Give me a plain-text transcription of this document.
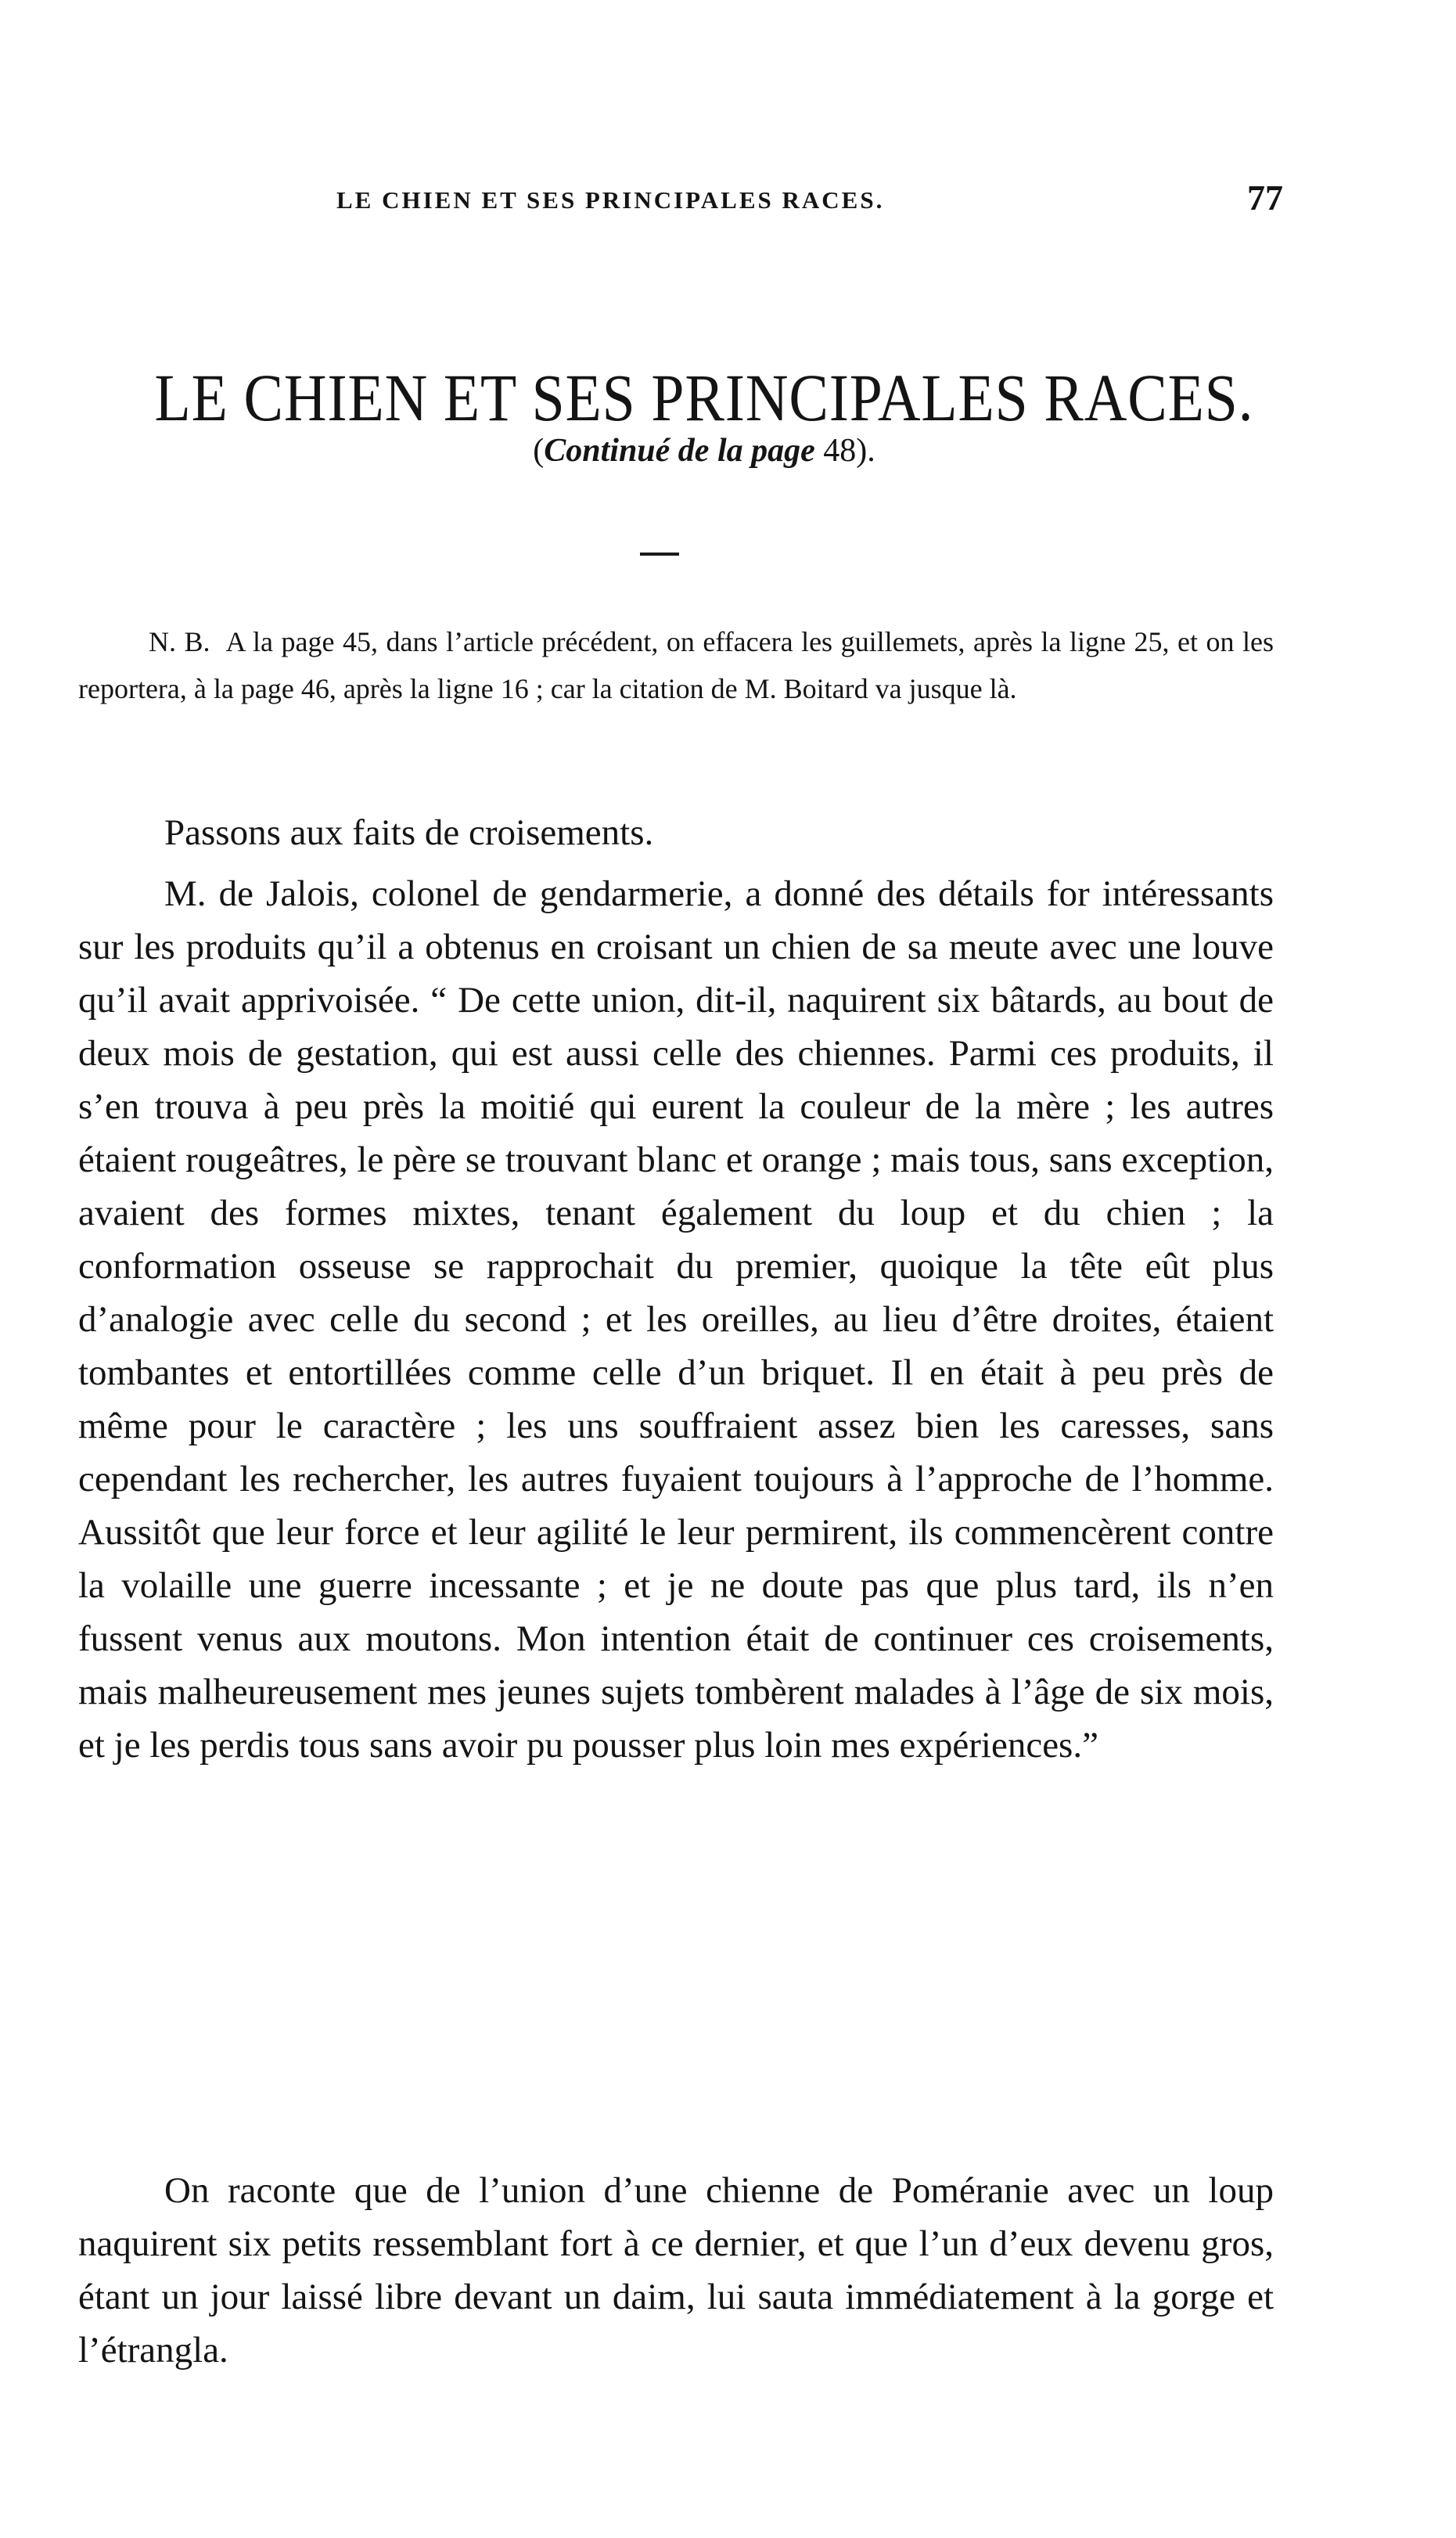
LE CHIEN ET SES PRINCIPALES RACES.	77
LE CHIEN ET SES PRINCIPALES RACES.
(Continué de la page 48).
N. B. A la page 45, dans l’article précédent, on effacera les guillemets, après la ligne 25, et on les reportera, à la page 46, après la ligne 16 ; car la citation de M. Boitard va jusque là.

Passons aux faits de croisements.

M. de Jalois, colonel de gendarmerie, a donné des détails for intéressants sur les produits qu’il a obtenus en croisant un chien de sa meute avec une louve qu’il avait apprivoisée. “ De cette union, dit-il, naquirent six bâtards, au bout de deux mois de gestation, qui est aussi celle des chiennes. Parmi ces produits, il s’en trouva à peu près la moitié qui eurent la couleur de la mère ; les autres étaient rougeâtres, le père se trouvant blanc et orange ; mais tous, sans exception, avaient des formes mixtes, tenant également du loup et du chien ; la conformation osseuse se rapprochait du premier, quoique la tête eût plus d’analogie avec celle du second ; et les oreilles, au lieu d’être droites, étaient tombantes et entortillées comme celle d’un briquet. Il en était à peu près de même pour le caractère ; les uns souffraient assez bien les caresses, sans cependant les rechercher, les autres fuyaient toujours à l’approche de l’homme. Aussitôt que leur force et leur agilité le leur permirent, ils commencèrent contre la volaille une guerre incessante ; et je ne doute pas que plus tard, ils n’en fussent venus aux moutons. Mon intention était de continuer ces croisements, mais malheureusement mes jeunes sujets tombèrent malades à l’âge de six mois, et je les perdis tous sans avoir pu pousser plus loin mes expériences.”

On raconte que de l’union d’une chienne de Poméranie avec un loup naquirent six petits ressemblant fort à ce dernier, et que l’un d’eux devenu gros, étant un jour laissé libre devant un daim, lui sauta immédiatement à la gorge et l’étrangla.
